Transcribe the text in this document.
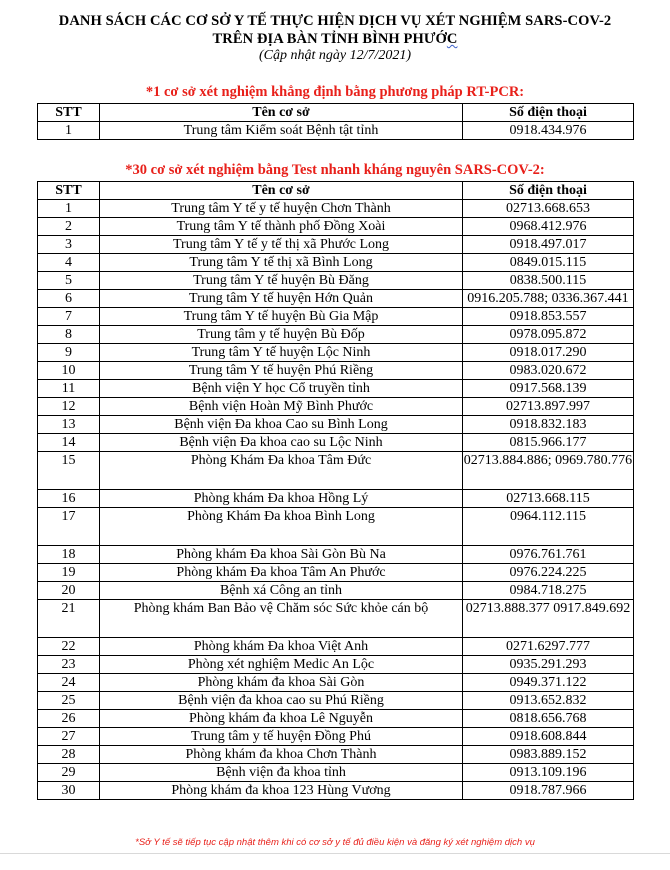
DANH SÁCH CÁC CƠ SỞ Y TẾ THỰC HIỆN DỊCH VỤ XÉT NGHIỆM SARS-COV-2
TRÊN ĐỊA BÀN TỈNH BÌNH PHƯỚC
(Cập nhật ngày 12/7/2021)
*1 cơ sở xét nghiệm khẳng định bằng phương pháp RT-PCR:
STT	Tên cơ sở	Số điện thoại
1	Trung tâm Kiểm soát Bệnh tật tỉnh	0918.434.976
*30 cơ sở xét nghiệm bằng Test nhanh kháng nguyên SARS-COV-2:
STT	Tên cơ sở	Số điện thoại
1	Trung tâm Y tế y tế huyện Chơn Thành	02713.668.653
2	Trung tâm Y tế thành phố Đồng Xoài	0968.412.976
3	Trung tâm Y tế y tế thị xã Phước Long	0918.497.017
4	Trung tâm Y tế thị xã Bình Long	0849.015.115
5	Trung tâm Y tế huyện Bù Đăng	0838.500.115
6	Trung tâm Y tế huyện Hớn Quản	0916.205.788; 0336.367.441
7	Trung tâm Y tế huyện Bù Gia Mập	0918.853.557
8	Trung tâm y tế huyện Bù Đốp	0978.095.872
9	Trung tâm Y tế huyện Lộc Ninh	0918.017.290
10	Trung tâm Y tế huyện Phú Riềng	0983.020.672
11	Bệnh viện Y học Cổ truyền tỉnh	0917.568.139
12	Bệnh viện Hoàn Mỹ Bình Phước	02713.897.997
13	Bệnh viện Đa khoa Cao su Bình Long	0918.832.183
14	Bệnh viện Đa khoa cao su Lộc Ninh	0815.966.177
15	Phòng Khám Đa khoa Tâm Đức	02713.884.886; 0969.780.776
16	Phòng khám Đa khoa Hồng Lý	02713.668.115
17	Phòng Khám Đa khoa Bình Long	0964.112.115
18	Phòng khám Đa khoa Sài Gòn Bù Na	0976.761.761
19	Phòng khám Đa khoa Tâm An Phước	0976.224.225
20	Bệnh xá Công an tỉnh	0984.718.275
21	Phòng khám Ban Bảo vệ Chăm sóc Sức khỏe cán bộ	02713.888.377 0917.849.692
22	Phòng khám Đa khoa Việt Anh	0271.6297.777
23	Phòng xét nghiệm Medic An Lộc	0935.291.293
24	Phòng khám đa khoa Sài Gòn	0949.371.122
25	Bệnh viện đa khoa cao su Phú Riềng	0913.652.832
26	Phòng khám đa khoa Lê Nguyễn	0818.656.768
27	Trung tâm y tế huyện Đồng Phú	0918.608.844
28	Phòng khám đa khoa Chơn Thành	0983.889.152
29	Bệnh viện đa khoa tỉnh	0913.109.196
30	Phòng khám đa khoa 123 Hùng Vương	0918.787.966
*Sở Y tế sẽ tiếp tục cập nhật thêm khi có cơ sở y tế đủ điều kiện và đăng ký xét nghiệm dịch vụ
